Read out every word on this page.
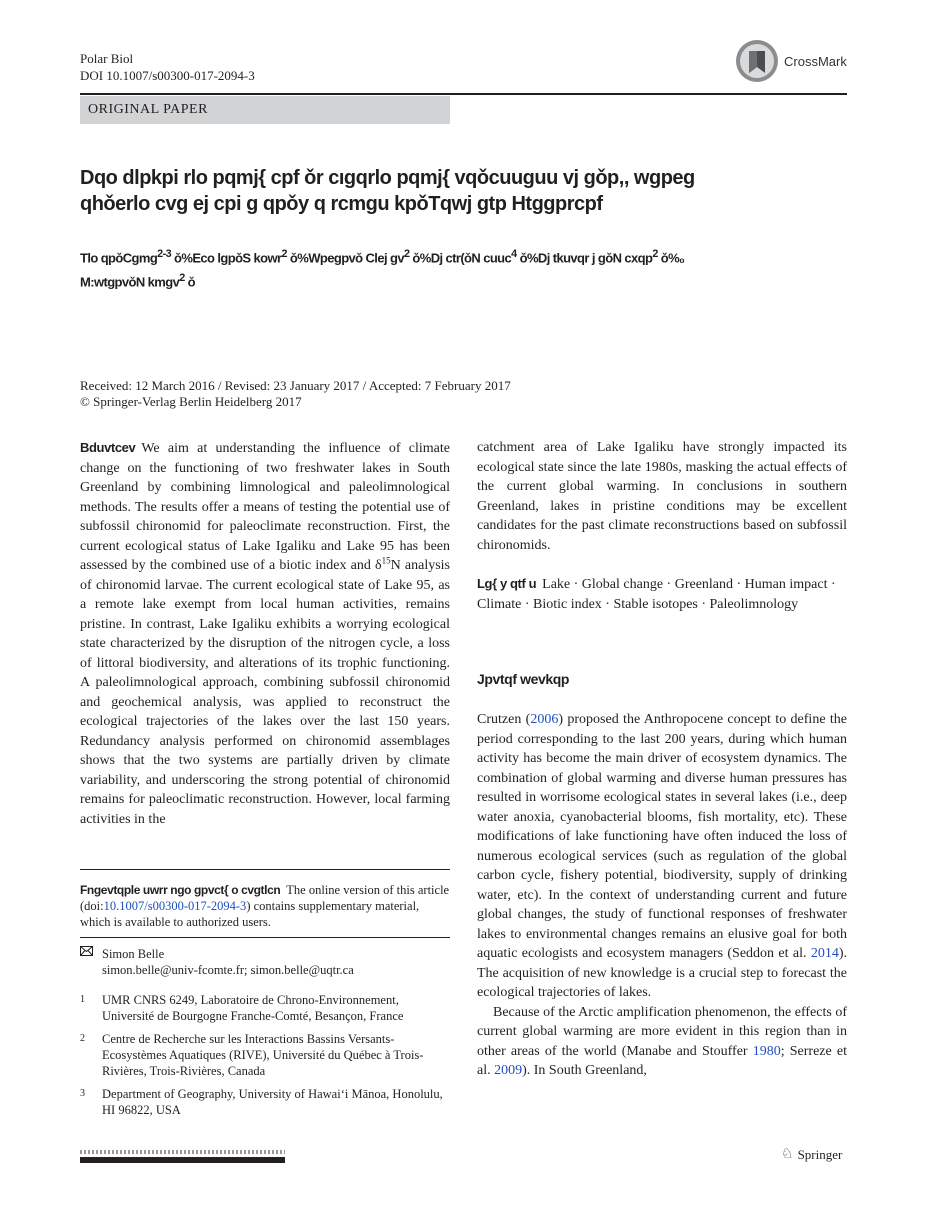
Polar Biol
DOI 10.1007/s00300-017-2094-3
CrossMark
ORIGINAL PAPER
Dqo dlpkpi rlo pqmj{ cpf ǒr cıgqrlo pqmj{ vqǒcuuguu vj gǒp,, wgpeg
qhǒerlo cvg ej cpi g qpǒy q rcmgu kpǒTqwj gtp Htggprcpf
Tlo qpǒCgmg$^{2-3}$ ǒ%Eco lgpǒS kowr$^2$ ǒ%Wpegpvǒ Clej $gv^2$ ǒ%Dj ctr(ǒN cuuc$^4$ ǒ%Dj tkuvqr j gǒN cxqp$^2$ ǒ%₀
M:wtgpvǒN kmgv$^2$ ǒ
Received: 12 March 2016 / Revised: 23 January 2017 / Accepted: 7 February 2017
© Springer-Verlag Berlin Heidelberg 2017
Bduvtcev We aim at understanding the influence of climate change on the functioning of two freshwater lakes in South Greenland by combining limnological and paleolimnological methods. The results offer a means of testing the potential use of subfossil chironomid for paleoclimate reconstruction. First, the current ecological status of Lake Igaliku and Lake 95 has been assessed by the combined use of a biotic index and $\delta^{15}N$ analysis of chironomid larvae. The current ecological state of Lake 95, as a remote lake exempt from local human activities, remains pristine. In contrast, Lake Igaliku exhibits a worrying ecological state characterized by the disruption of the nitrogen cycle, a loss of littoral biodiversity, and alterations of its trophic functioning. A paleolimnological approach, combining subfossil chironomid and geochemical analysis, was applied to reconstruct the ecological trajectories of the lakes over the last 150 years. Redundancy analysis performed on chironomid assemblages shows that the two systems are partially driven by climate variability, and underscoring the strong potential of chironomid remains for paleoclimatic reconstruction. However, local farming activities in the
Fngevtqple uwrr ngo gpvct{ o cvgtlcn The online version of this article (doi:10.1007/s00300-017-2094-3) contains supplementary material, which is available to authorized users.
Simon Belle
simon.belle@univ-fcomte.fr; simon.belle@uqtr.ca
1 UMR CNRS 6249, Laboratoire de Chrono-Environnement, Université de Bourgogne Franche-Comté, Besançon, France
2 Centre de Recherche sur les Interactions Bassins Versants-Ecosystèmes Aquatiques (RIVE), Université du Québec à Trois-Rivières, Trois-Rivières, Canada
3 Department of Geography, University of Hawai‘i Mānoa, Honolulu, HI 96822, USA
catchment area of Lake Igaliku have strongly impacted its ecological state since the late 1980s, masking the actual effects of the current global warming. In conclusions in southern Greenland, lakes in pristine conditions may be excellent candidates for the past climate reconstructions based on subfossil chironomids.
Lg{ y qtf u Lake · Global change · Greenland · Human impact · Climate · Biotic index · Stable isotopes · Paleolimnology
Jpvtqf wevkqp
Crutzen (2006) proposed the Anthropocene concept to define the period corresponding to the last 200 years, during which human activity has become the main driver of ecosystem dynamics. The combination of global warming and diverse human pressures has resulted in worrisome ecological states in several lakes (i.e., deep water anoxia, cyanobacterial blooms, fish mortality, etc). These modifications of lake functioning have often induced the loss of numerous ecological services (such as regulation of the global carbon cycle, fishery potential, biodiversity, supply of drinking water, etc). In the context of understanding current and future global changes, the study of functional responses of freshwater lakes to environmental changes remains an elusive goal for both aquatic ecologists and ecosystem managers (Seddon et al. 2014). The acquisition of new knowledge is a crucial step to forecast the ecological trajectories of lakes.
Because of the Arctic amplification phenomenon, the effects of current global warming are more evident in this region than in other areas of the world (Manabe and Stouffer 1980; Serreze et al. 2009). In South Greenland,
♘ Springer
